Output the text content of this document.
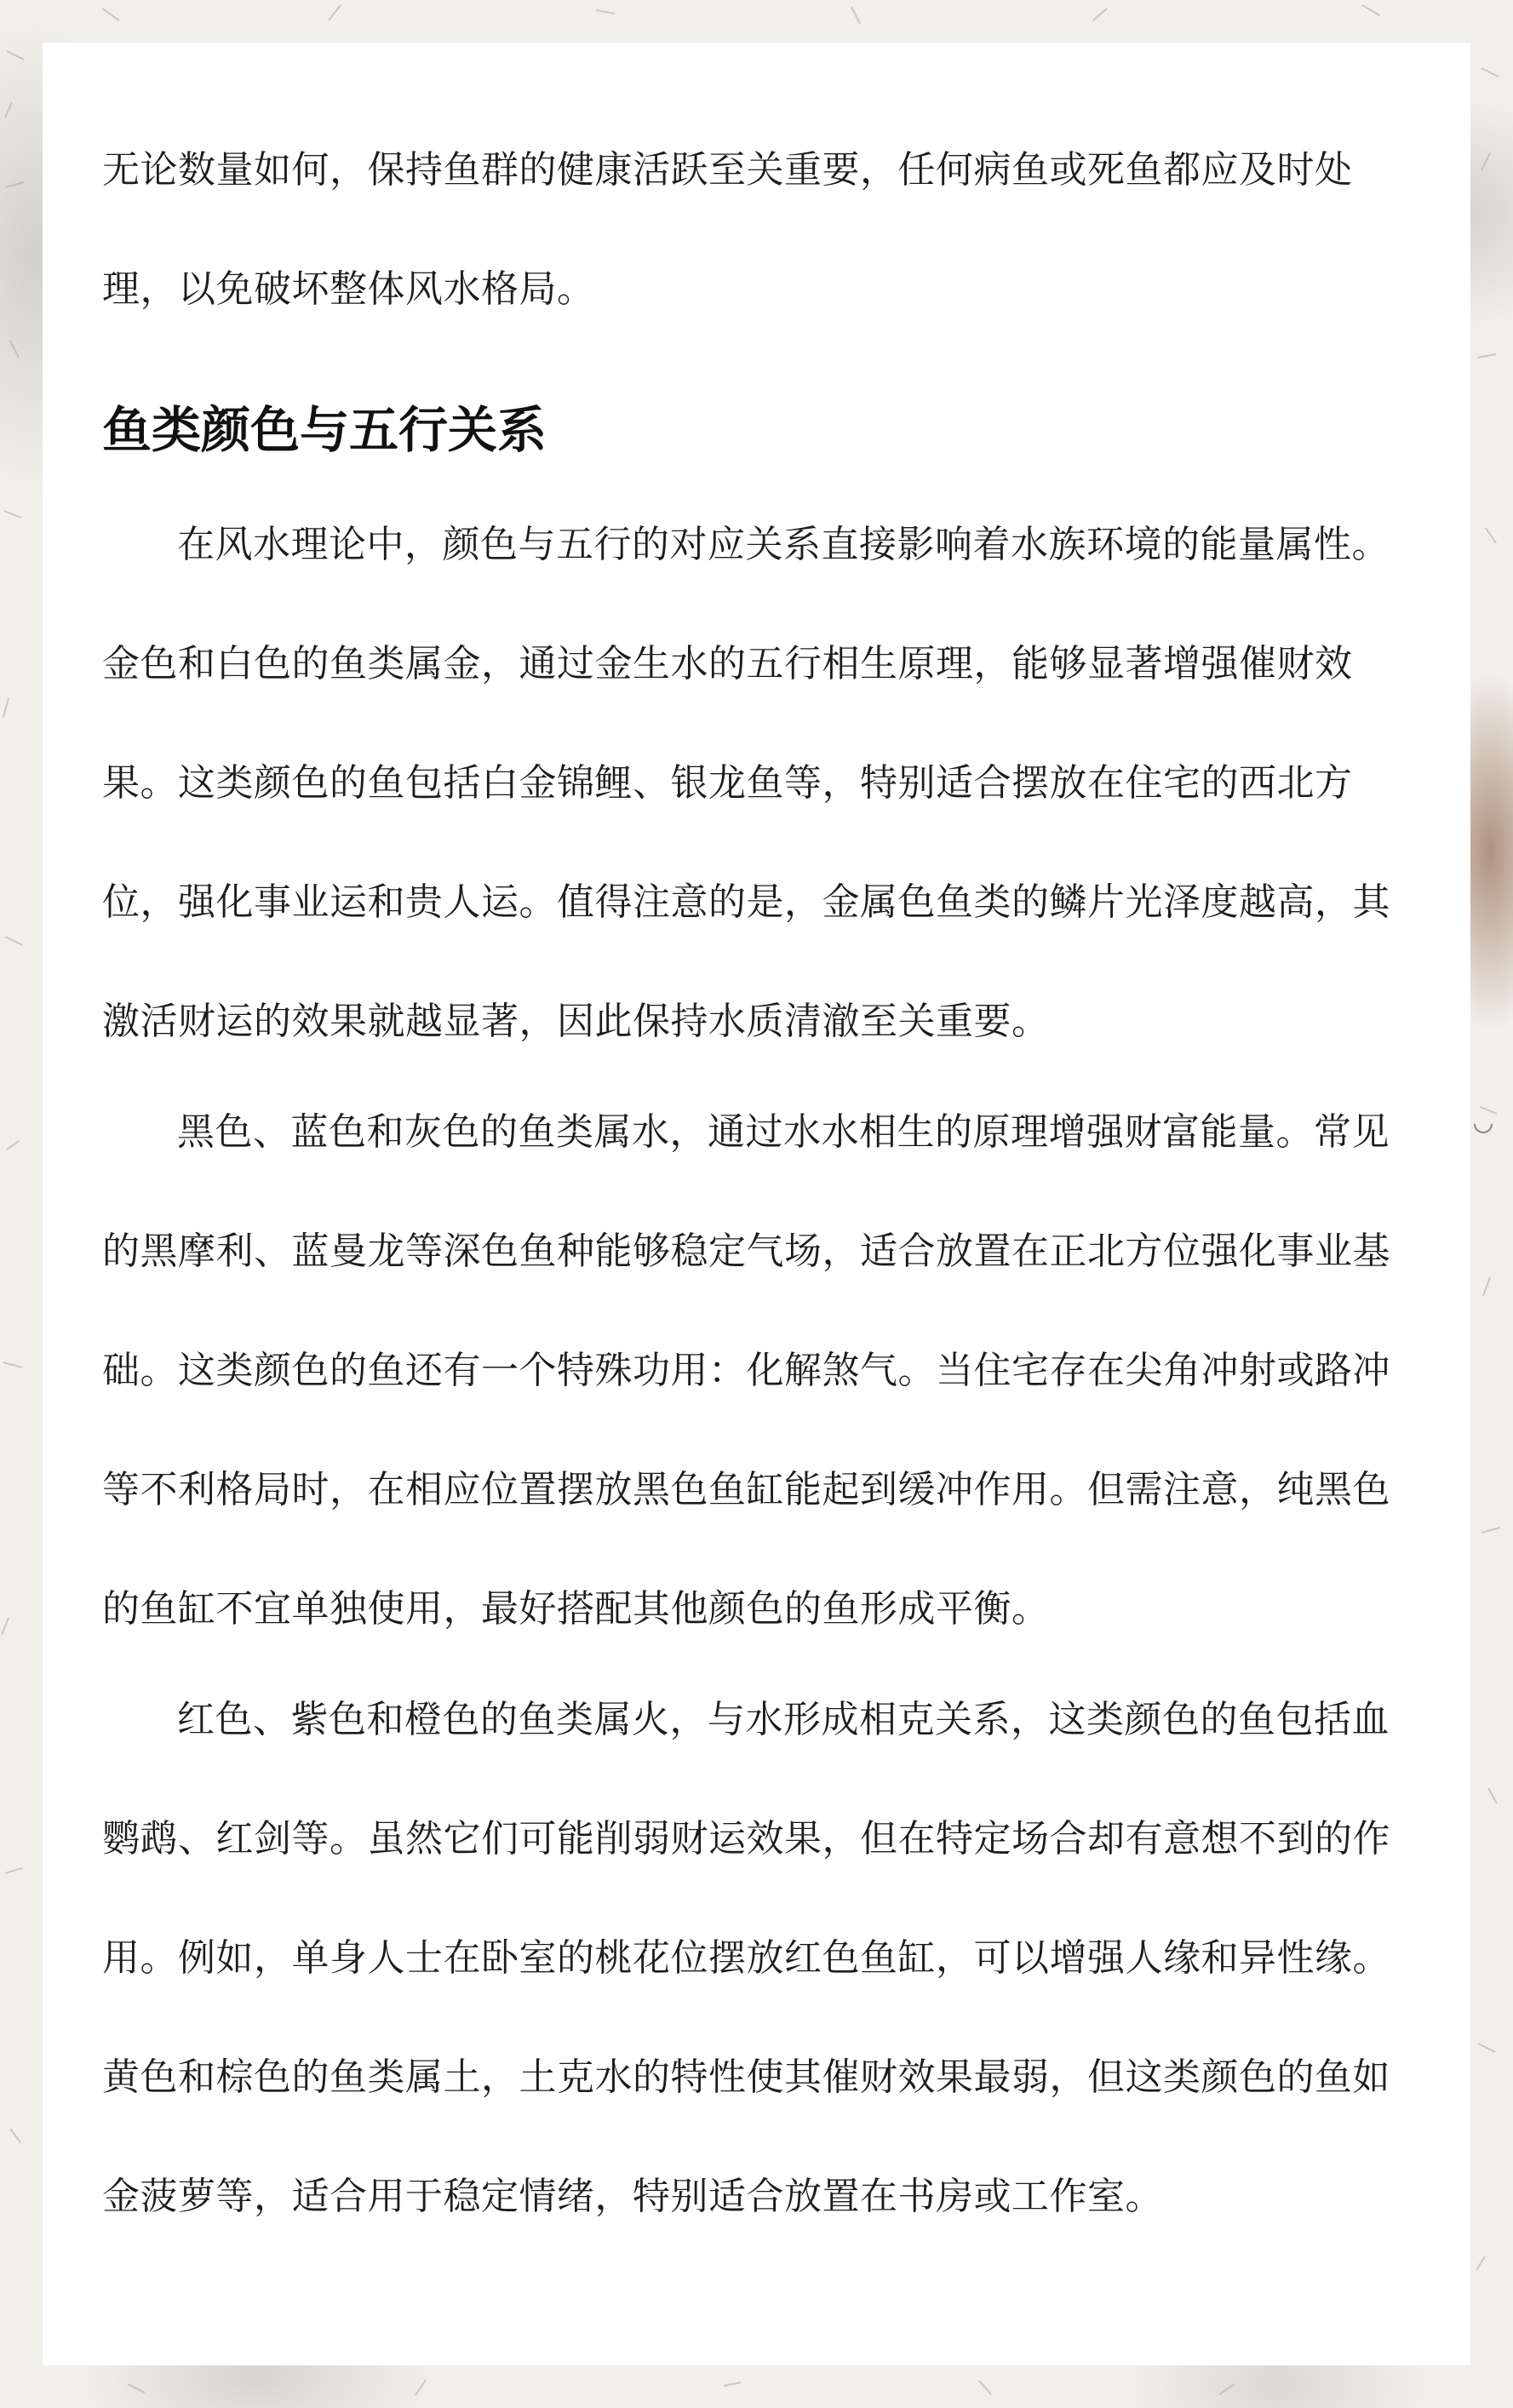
无论数量如何，保持鱼群的健康活跃至关重要，任何病鱼或死鱼都应及时处

理，以免破坏整体风水格局。

鱼类颜色与五行关系

在风水理论中，颜色与五行的对应关系直接影响着水族环境的能量属性。

金色和白色的鱼类属金，通过金生水的五行相生原理，能够显著增强催财效

果。这类颜色的鱼包括白金锦鲤、银龙鱼等，特别适合摆放在住宅的西北方

位，强化事业运和贵人运。值得注意的是，金属色鱼类的鳞片光泽度越高，其

激活财运的效果就越显著，因此保持水质清澈至关重要。

黑色、蓝色和灰色的鱼类属水，通过水水相生的原理增强财富能量。常见

的黑摩利、蓝曼龙等深色鱼种能够稳定气场，适合放置在正北方位强化事业基

础。这类颜色的鱼还有一个特殊功用：化解煞气。当住宅存在尖角冲射或路冲

等不利格局时，在相应位置摆放黑色鱼缸能起到缓冲作用。但需注意，纯黑色

的鱼缸不宜单独使用，最好搭配其他颜色的鱼形成平衡。

红色、紫色和橙色的鱼类属火，与水形成相克关系，这类颜色的鱼包括血

鹦鹉、红剑等。虽然它们可能削弱财运效果，但在特定场合却有意想不到的作

用。例如，单身人士在卧室的桃花位摆放红色鱼缸，可以增强人缘和异性缘。

黄色和棕色的鱼类属土，土克水的特性使其催财效果最弱，但这类颜色的鱼如

金菠萝等，适合用于稳定情绪，特别适合放置在书房或工作室。
